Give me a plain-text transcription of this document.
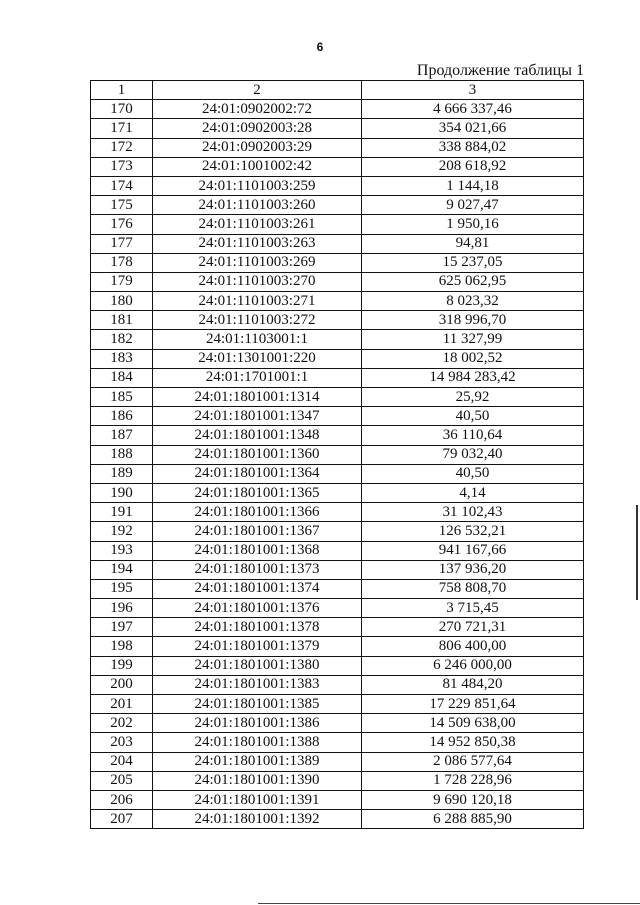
6
Продолжение таблицы 1
1	2	3
170	24:01:0902002:72	4 666 337,46
171	24:01:0902003:28	354 021,66
172	24:01:0902003:29	338 884,02
173	24:01:1001002:42	208 618,92
174	24:01:1101003:259	1 144,18
175	24:01:1101003:260	9 027,47
176	24:01:1101003:261	1 950,16
177	24:01:1101003:263	94,81
178	24:01:1101003:269	15 237,05
179	24:01:1101003:270	625 062,95
180	24:01:1101003:271	8 023,32
181	24:01:1101003:272	318 996,70
182	24:01:1103001:1	11 327,99
183	24:01:1301001:220	18 002,52
184	24:01:1701001:1	14 984 283,42
185	24:01:1801001:1314	25,92
186	24:01:1801001:1347	40,50
187	24:01:1801001:1348	36 110,64
188	24:01:1801001:1360	79 032,40
189	24:01:1801001:1364	40,50
190	24:01:1801001:1365	4,14
191	24:01:1801001:1366	31 102,43
192	24:01:1801001:1367	126 532,21
193	24:01:1801001:1368	941 167,66
194	24:01:1801001:1373	137 936,20
195	24:01:1801001:1374	758 808,70
196	24:01:1801001:1376	3 715,45
197	24:01:1801001:1378	270 721,31
198	24:01:1801001:1379	806 400,00
199	24:01:1801001:1380	6 246 000,00
200	24:01:1801001:1383	81 484,20
201	24:01:1801001:1385	17 229 851,64
202	24:01:1801001:1386	14 509 638,00
203	24:01:1801001:1388	14 952 850,38
204	24:01:1801001:1389	2 086 577,64
205	24:01:1801001:1390	1 728 228,96
206	24:01:1801001:1391	9 690 120,18
207	24:01:1801001:1392	6 288 885,90
